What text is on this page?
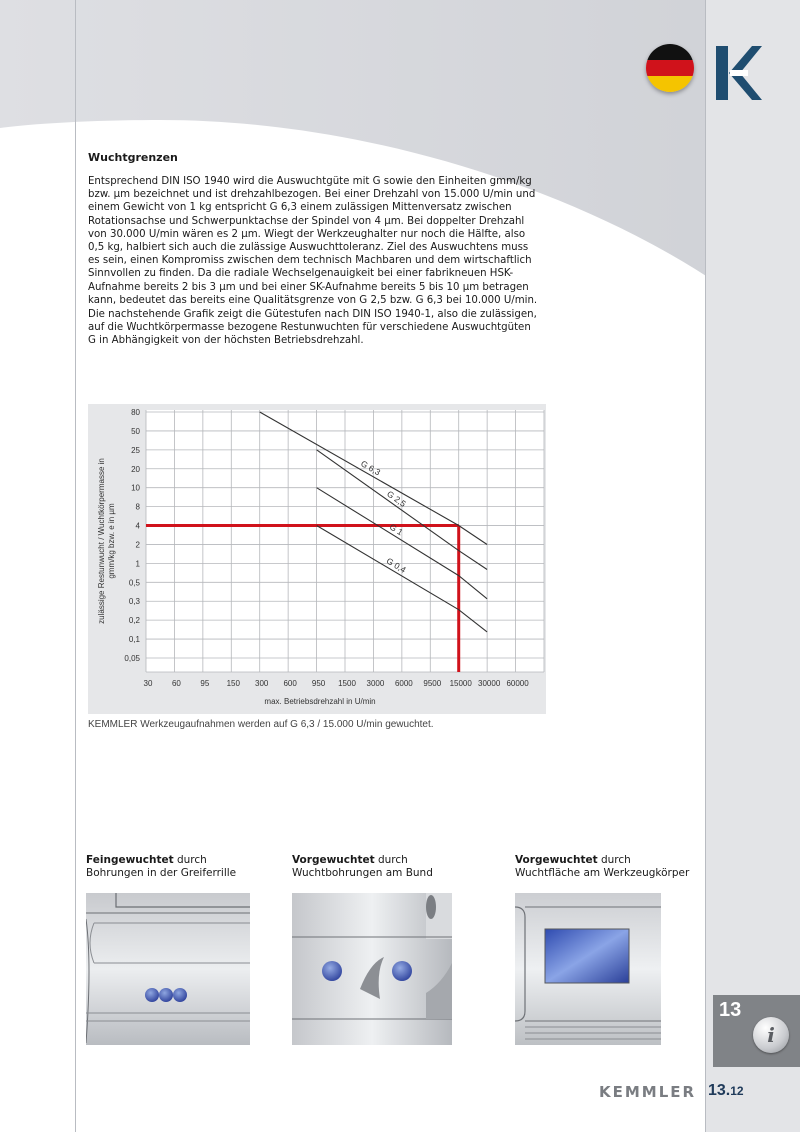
Wuchtgrenzen

Entsprechend DIN ISO 1940 wird die Auswuchtgüte mit G sowie den Einheiten gmm/kg bzw. µm bezeichnet und ist drehzahlbezogen. Bei einer Drehzahl von 15.000 U/min und einem Gewicht von 1 kg entspricht G 6,3 einem zulässigen Mittenversatz zwischen Rotationsachse und Schwerpunktachse der Spindel von 4 µm. Bei doppelter Drehzahl von 30.000 U/min wären es 2 µm. Wiegt der Werkzeughalter nur noch die Hälfte, also 0,5 kg, halbiert sich auch die zulässige Auswuchttoleranz. Ziel des Auswuchtens muss es sein, einen Kompromiss zwischen dem technisch Machbaren und dem wirtschaftlich Sinnvollen zu finden. Da die radiale Wechselgenauigkeit bei einer fabrikneuen HSK-Aufnahme bereits 2 bis 3 µm und bei einer SK-Aufnahme bereits 5 bis 10 µm betragen kann, bedeutet das bereits eine Qualitätsgrenze von G 2,5 bzw. G 6,3 bei 10.000 U/min.

Die nachstehende Grafik zeigt die Gütestufen nach DIN ISO 1940-1, also die zulässigen, auf die Wuchtkörpermasse bezogene Restunwuchten für verschiedene Auswuchtgüten G in Abhängigkeit von der höchsten Betriebsdrehzahl.

80
50
25
20
10
8
4
2
1
0,5
0,3
0,2
0,1
0,05
30 60 95 150 300 600 950 1500 3000 6000 9500 15000 30000 60000
max. Betriebsdrehzahl in U/min
zulässige Restunwucht / Wuchtkörpermasse ingmm/kg bzw. e in µm
G 6,3
G 2,5
G 1
G 0,4
KEMMLER Werkzeugaufnahmen werden auf G 6,3 / 15.000 U/min gewuchtet.
Feingewuchtet durch
Bohrungen in der Greiferrille
Vorgewuchtet durch
Wuchtbohrungen am Bund
Vorgewuchtet durch
Wuchtfläche am Werkzeugkörper
13
i
KEMMLER 13.12
